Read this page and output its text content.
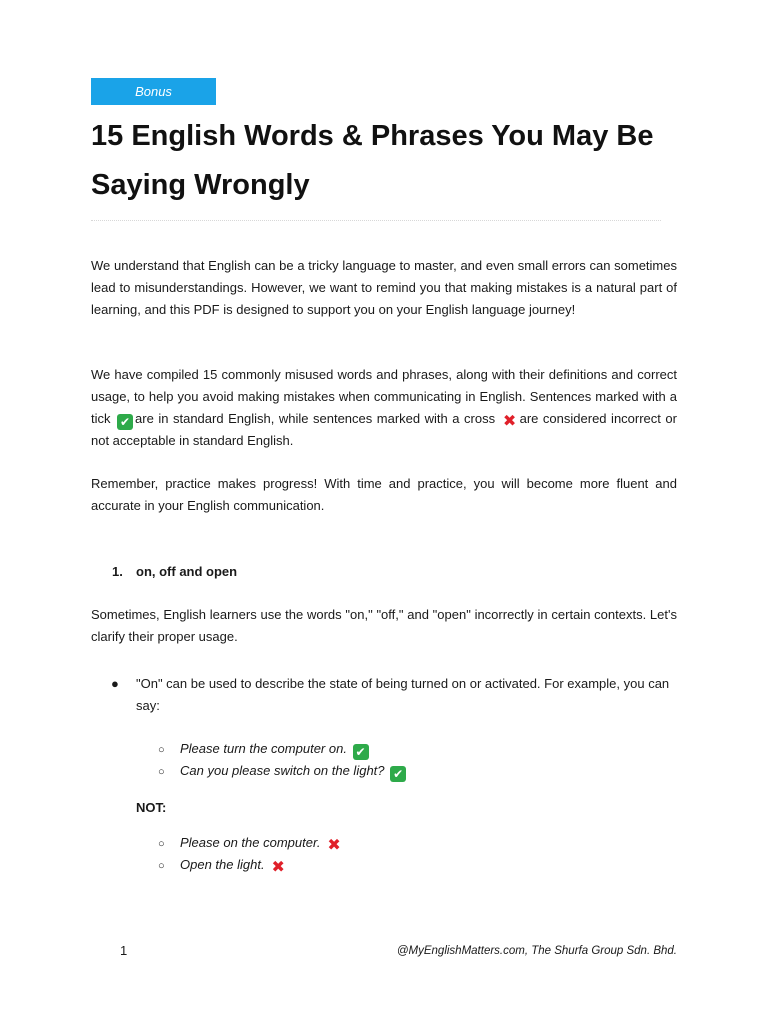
Bonus
15 English Words & Phrases You May Be Saying Wrongly

We understand that English can be a tricky language to master, and even small errors can sometimes lead to misunderstandings. However, we want to remind you that making mistakes is a natural part of learning, and this PDF is designed to support you on your English language journey!

We have compiled 15 commonly misused words and phrases, along with their definitions and correct usage, to help you avoid making mistakes when communicating in English. Sentences marked with a tick ✔ are in standard English, while sentences marked with a cross ✖ are considered incorrect or not acceptable in standard English.

Remember, practice makes progress! With time and practice, you will become more fluent and accurate in your English communication.

1. on, off and open

Sometimes, English learners use the words "on," "off," and "open" incorrectly in certain contexts. Let's clarify their proper usage.

● "On" can be used to describe the state of being turned on or activated. For example, you can say:
○ Please turn the computer on. ✔
○ Can you please switch on the light? ✔
NOT:
○ Please on the computer. ✖
○ Open the light. ✖
1	@MyEnglishMatters.com, The Shurfa Group Sdn. Bhd.
